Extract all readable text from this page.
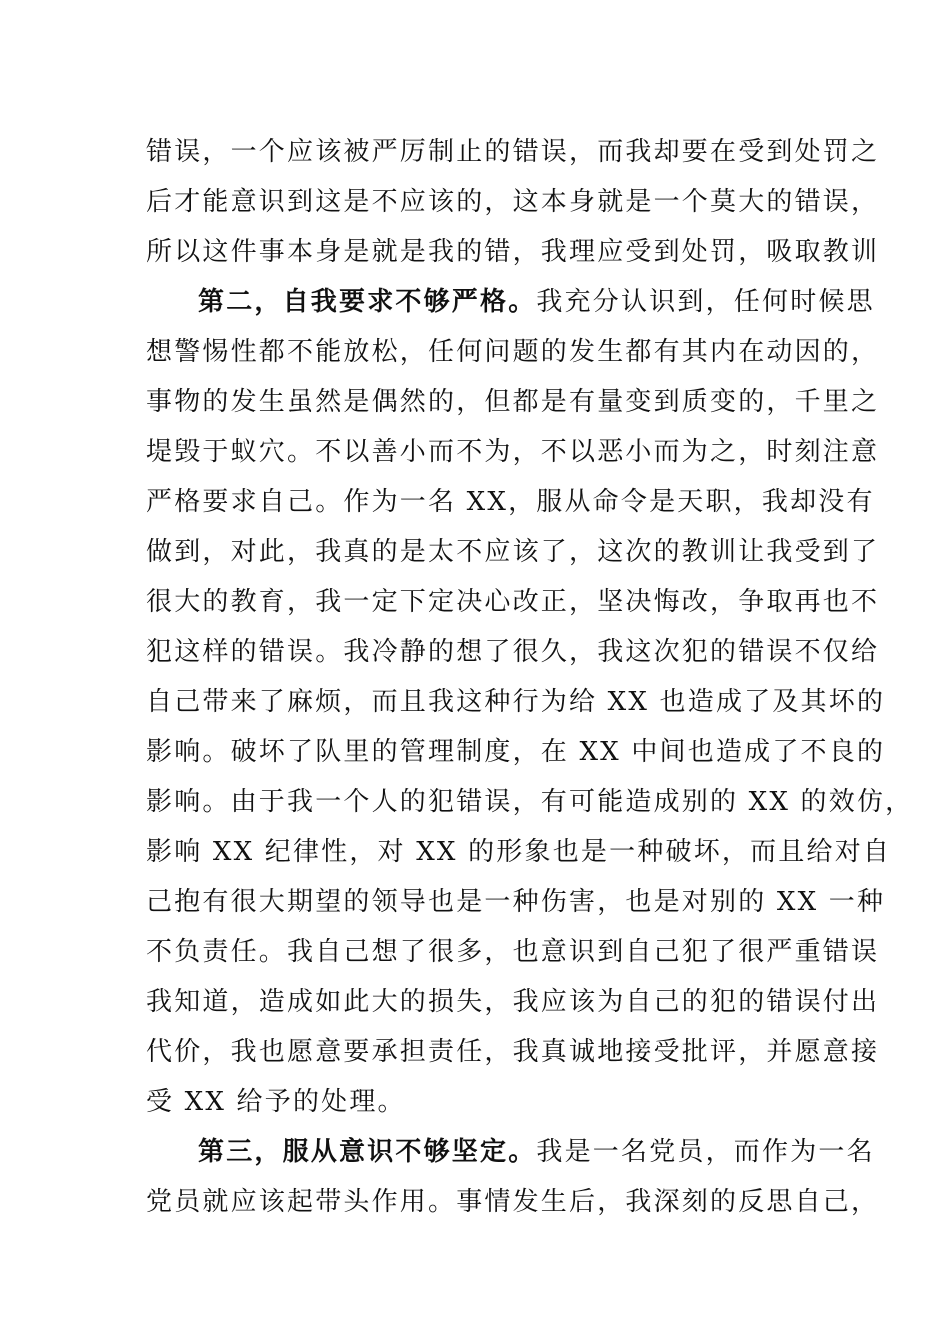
错误，一个应该被严厉制止的错误，而我却要在受到处罚之
后才能意识到这是不应该的，这本身就是一个莫大的错误，
所以这件事本身是就是我的错，我理应受到处罚，吸取教训
第二，自我要求不够严格。我充分认识到，任何时候思
想警惕性都不能放松，任何问题的发生都有其内在动因的，
事物的发生虽然是偶然的，但都是有量变到质变的，千里之
堤毁于蚁穴。不以善小而不为，不以恶小而为之，时刻注意
严格要求自己。作为一名 XX，服从命令是天职，我却没有
做到，对此，我真的是太不应该了，这次的教训让我受到了
很大的教育，我一定下定决心改正，坚决悔改，争取再也不
犯这样的错误。我冷静的想了很久，我这次犯的错误不仅给
自己带来了麻烦，而且我这种行为给 XX 也造成了及其坏的
影响。破坏了队里的管理制度，在 XX 中间也造成了不良的
影响。由于我一个人的犯错误，有可能造成别的 XX 的效仿，
影响 XX 纪律性，对 XX 的形象也是一种破坏，而且给对自
己抱有很大期望的领导也是一种伤害，也是对别的 XX 一种
不负责任。我自己想了很多，也意识到自己犯了很严重错误
我知道，造成如此大的损失，我应该为自己的犯的错误付出
代价，我也愿意要承担责任，我真诚地接受批评，并愿意接
受 XX 给予的处理。
第三，服从意识不够坚定。我是一名党员，而作为一名
党员就应该起带头作用。事情发生后，我深刻的反思自己，
